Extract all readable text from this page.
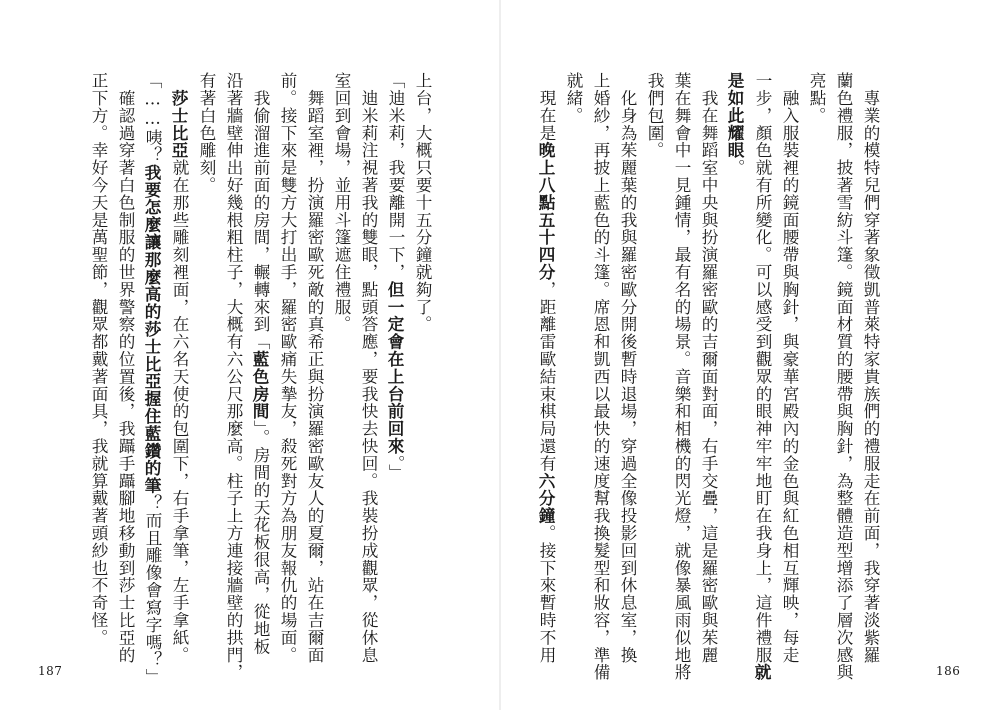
上台，大概只要十五分鐘就夠了。
「迪米莉，我要離開一下，但一定會在上台前回來。」
　迪米莉注視著我的雙眼，點頭答應，要我快去快回。我裝扮成觀眾，從休息
室回到會場，並用斗篷遮住禮服。
　舞蹈室裡，扮演羅密歐死敵的真希正與扮演羅密歐友人的夏爾，站在吉爾面
前。接下來是雙方大打出手，羅密歐痛失摯友，殺死對方為朋友報仇的場面。
　我偷溜進前面的房間，輾轉來到「藍色房間」。房間的天花板很高，從地板
沿著牆壁伸出好幾根粗柱子，大概有六公尺那麼高。柱子上方連接牆壁的拱門，
有著白色雕刻。
　莎士比亞就在那些雕刻裡面，在六名天使的包圍下，右手拿筆，左手拿紙。
「……咦？我要怎麼讓那麼高的莎士比亞握住藍鑽的筆？而且雕像會寫字嗎？」
　確認過穿著白色制服的世界警察的位置後，我躡手躡腳地移動到莎士比亞的
正下方。幸好今天是萬聖節，觀眾都戴著面具，我就算戴著頭紗也不奇怪。
187
　專業的模特兒們穿著象徵凱普萊特家貴族們的禮服走在前面，我穿著淡紫羅
蘭色禮服，披著雪紡斗篷。鏡面材質的腰帶與胸針，為整體造型增添了層次感與
亮點。
　融入服裝裡的鏡面腰帶與胸針，與豪華宮殿內的金色與紅色相互輝映，每走
一步，顏色就有所變化。可以感受到觀眾的眼神牢牢地盯在我身上，這件禮服就
是如此耀眼。
　我在舞蹈室中央與扮演羅密歐的吉爾面對面，右手交疊，這是羅密歐與茱麗
葉在舞會中一見鍾情，最有名的場景。音樂和相機的閃光燈，就像暴風雨似地將
我們包圍。
　化身為茱麗葉的我與羅密歐分開後暫時退場，穿過全像投影回到休息室，換
上婚紗，再披上藍色的斗篷。席恩和凱西以最快的速度幫我換髮型和妝容，準備
就緒。
　現在是晚上八點五十四分，距離雷歐結束棋局還有六分鐘。接下來暫時不用
186
